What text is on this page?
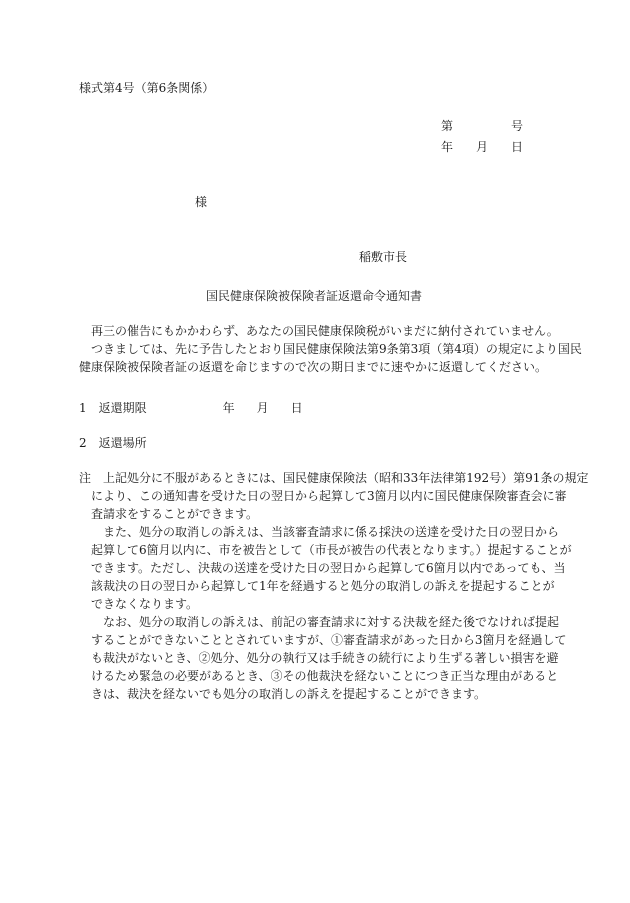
様式第4号（第6条関係）
第	号
年 月 日
様
稲敷市長
国民健康保険被保険者証返還命令通知書
　再三の催告にもかかわらず、あなたの国民健康保険税がいまだに納付されていません。
　つきましては、先に予告したとおり国民健康保険法第9条第3項（第4項）の規定により国民
健康保険被保険者証の返還を命じますので次の期日までに速やかに返還してください。
1　返還期限	年 月 日
2　返還場所
注　上記処分に不服があるときには、国民健康保険法（昭和33年法律第192号）第91条の規定
　により、この通知書を受けた日の翌日から起算して3箇月以内に国民健康保険審査会に審
　査請求をすることができます。
　　また、処分の取消しの訴えは、当該審査請求に係る採決の送達を受けた日の翌日から
　起算して6箇月以内に、市を被告として（市長が被告の代表となります。）提起することが
　できます。ただし、決裁の送達を受けた日の翌日から起算して6箇月以内であっても、当
　該裁決の日の翌日から起算して1年を経過すると処分の取消しの訴えを提起することが
　できなくなります。
　　なお、処分の取消しの訴えは、前記の審査請求に対する決裁を経た後でなければ提起
　することができないこととされていますが、①審査請求があった日から3箇月を経過して
　も裁決がないとき、②処分、処分の執行又は手続きの続行により生ずる著しい損害を避
　けるため緊急の必要があるとき、③その他裁決を経ないことにつき正当な理由があると
　きは、裁決を経ないでも処分の取消しの訴えを提起することができます。
